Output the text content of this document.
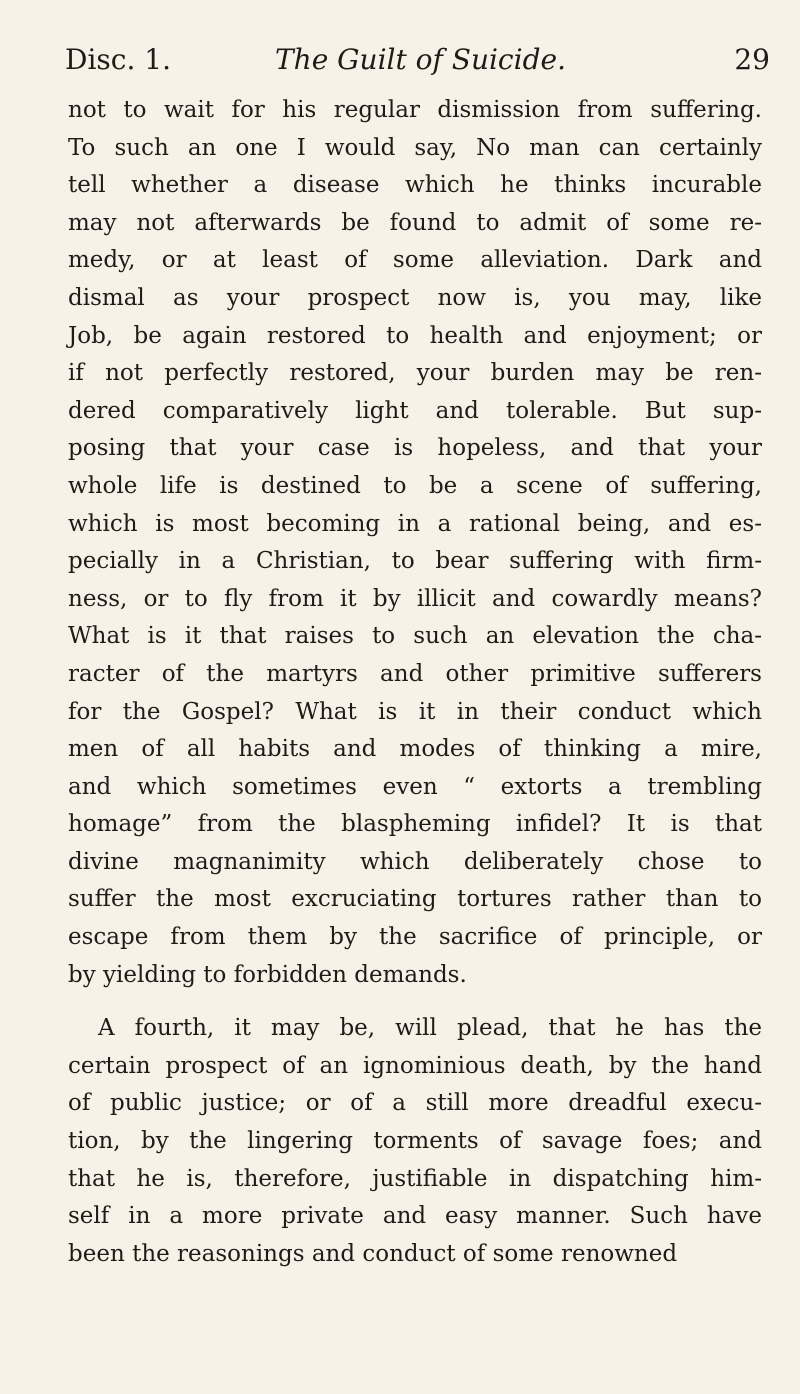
Disc. 1.	The Guilt of Suicide.	29
not to wait for his regular dismission from suffering.
To such an one I would say, No man can certainly
tell whether a disease which he thinks incurable
may not afterwards be found to admit of some re-
medy, or at least of some alleviation. Dark and
dismal as your prospect now is, you may, like
Job, be again restored to health and enjoyment; or
if not perfectly restored, your burden may be ren-
dered comparatively light and tolerable. But sup-
posing that your case is hopeless, and that your
whole life is destined to be a scene of suffering,
which is most becoming in a rational being, and es-
pecially in a Christian, to bear suffering with firm-
ness, or to fly from it by illicit and cowardly means?
What is it that raises to such an elevation the cha-
racter of the martyrs and other primitive sufferers
for the Gospel? What is it in their conduct which
men of all habits and modes of thinking a mire,
and which sometimes even “ extorts a trembling
homage” from the blaspheming infidel? It is that
divine magnanimity which deliberately chose to
suffer the most excruciating tortures rather than to
escape from them by the sacrifice of principle, or
by yielding to forbidden demands.
A fourth, it may be, will plead, that he has the
certain prospect of an ignominious death, by the hand
of public justice; or of a still more dreadful execu-
tion, by the lingering torments of savage foes; and
that he is, therefore, justifiable in dispatching him-
self in a more private and easy manner. Such have
been the reasonings and conduct of some renowned
